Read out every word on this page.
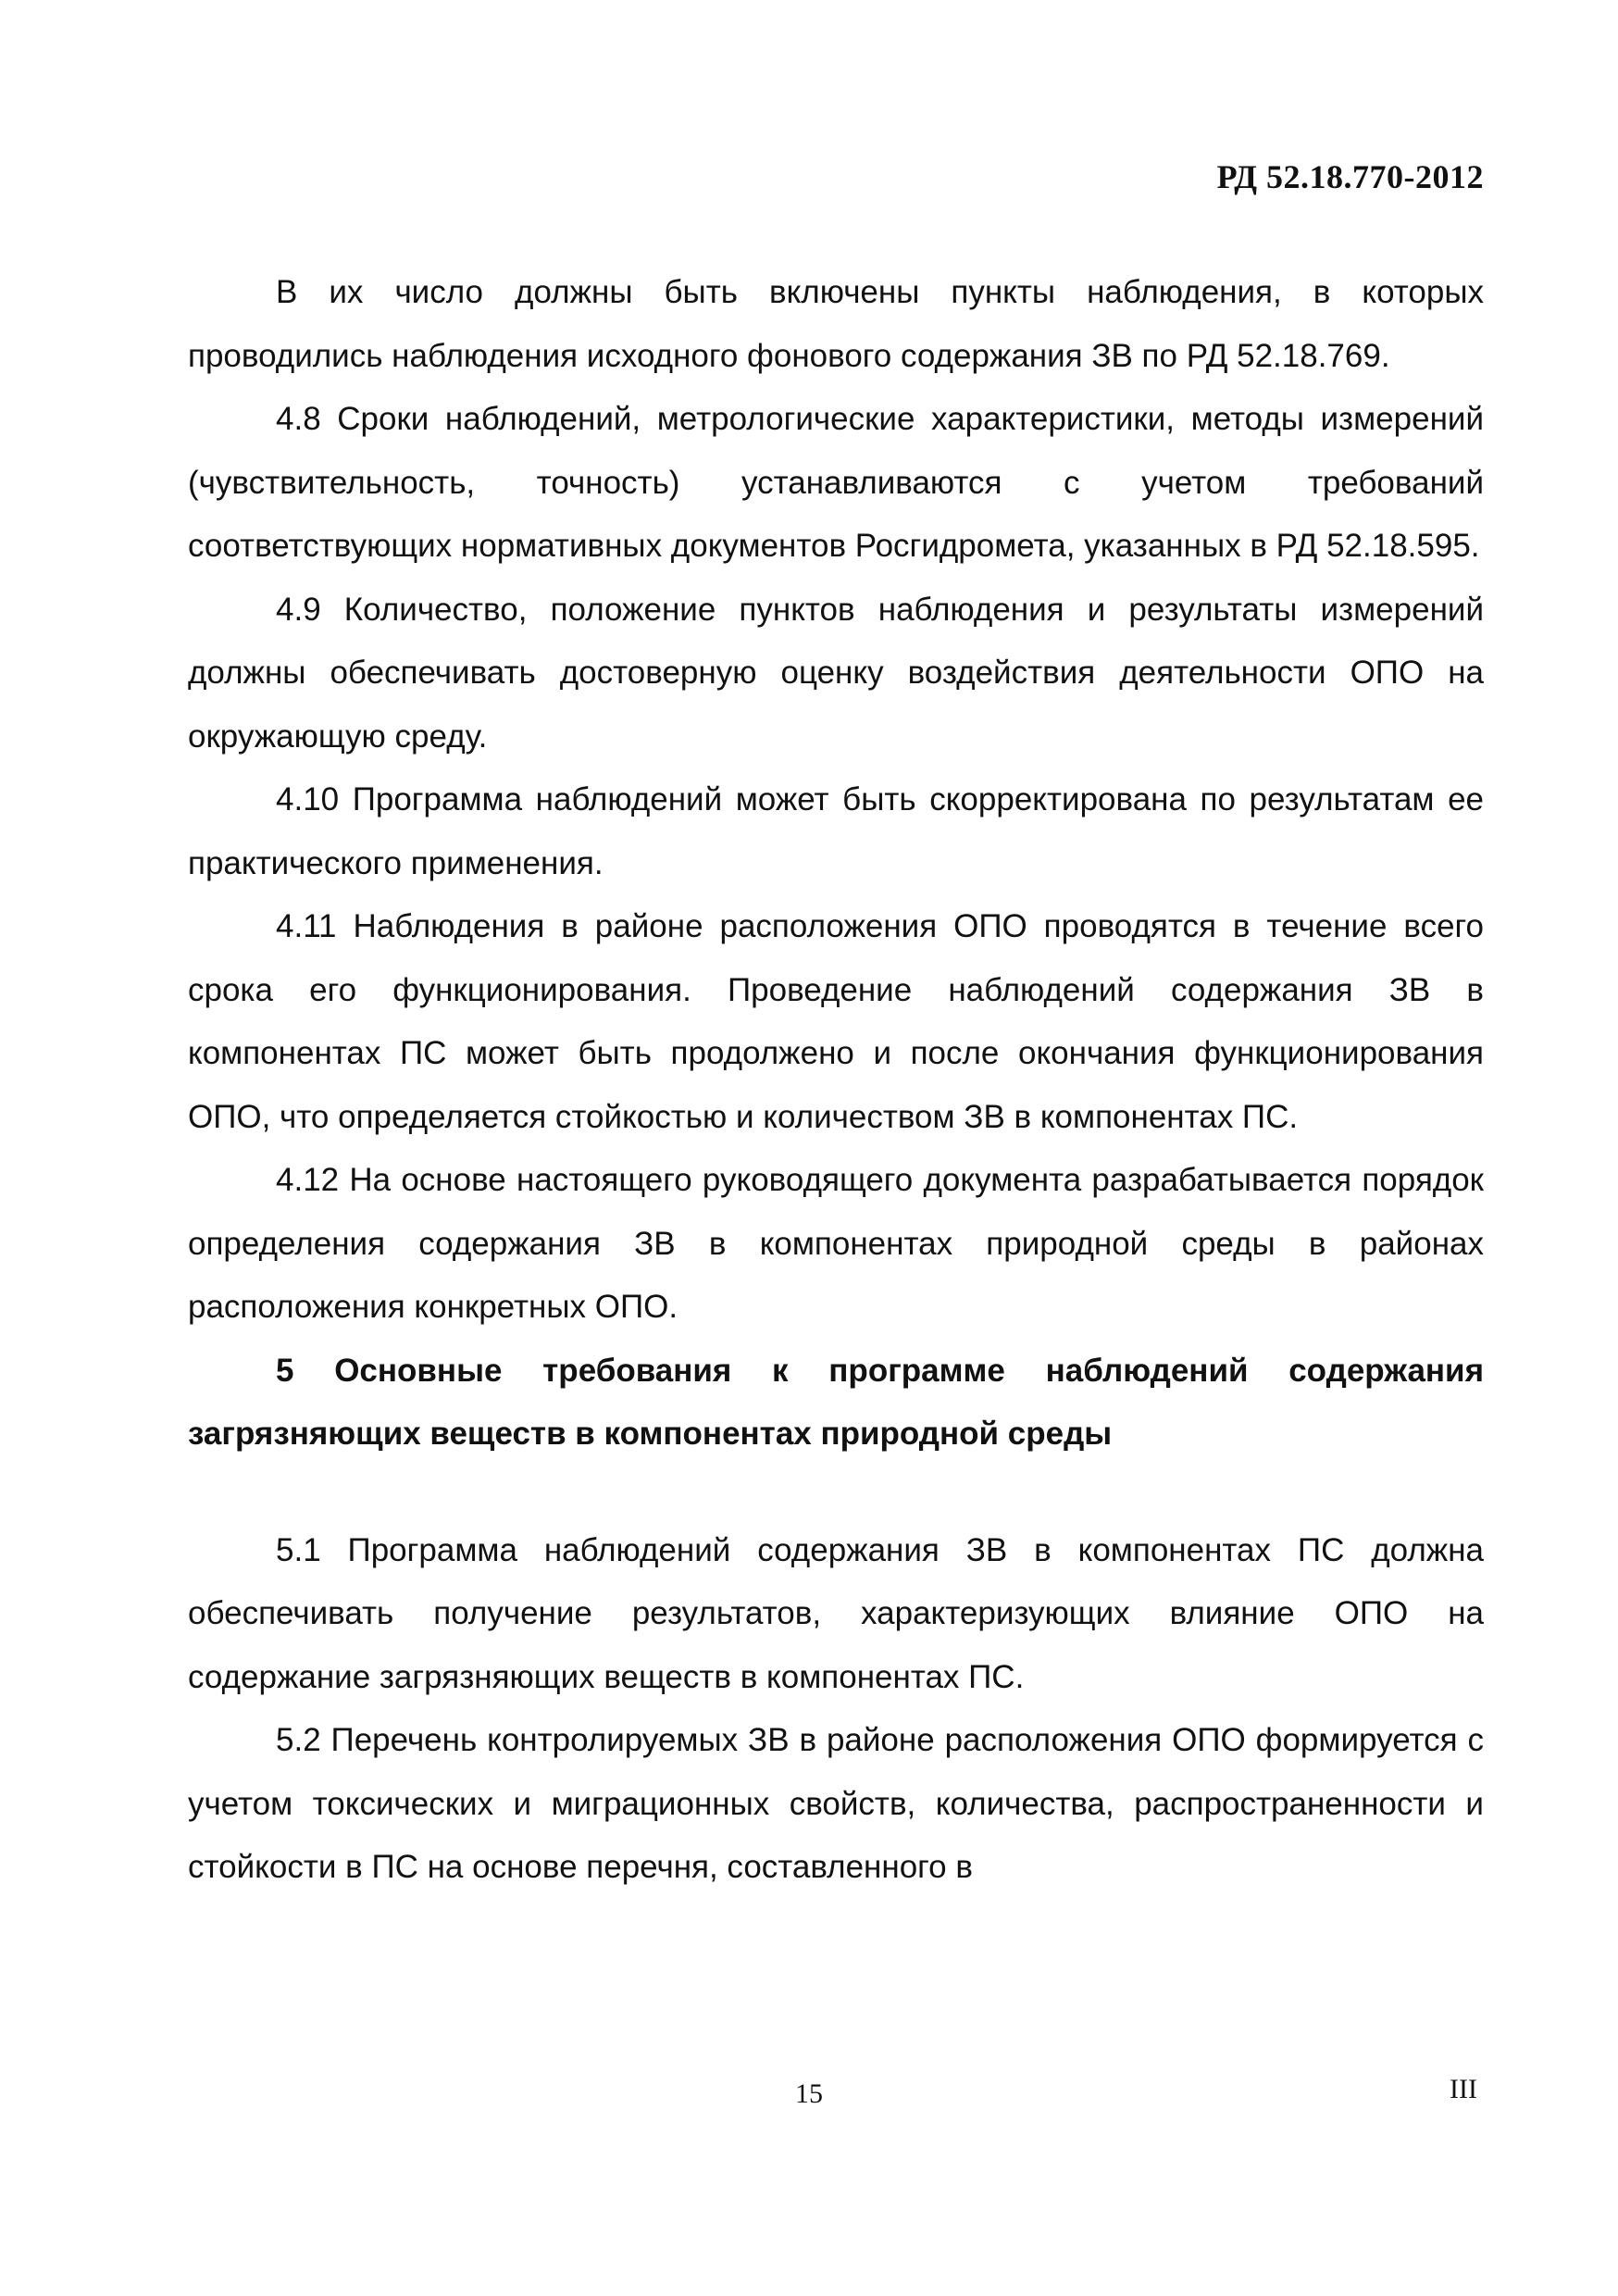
РД 52.18.770-2012

В их число должны быть включены пункты наблюдения, в которых проводились наблюдения исходного фонового содержания ЗВ по РД 52.18.769.

4.8 Сроки наблюдений, метрологические характеристики, методы измерений (чувствительность, точность) устанавливаются с учетом требований соответствующих нормативных документов Росгидромета, указанных в РД 52.18.595.

4.9 Количество, положение пунктов наблюдения и результаты измерений должны обеспечивать достоверную оценку воздействия деятельности ОПО на окружающую среду.

4.10 Программа наблюдений может быть скорректирована по результатам ее практического применения.

4.11 Наблюдения в районе расположения ОПО проводятся в течение всего срока его функционирования. Проведение наблюдений содержания ЗВ в компонентах ПС может быть продолжено и после окончания функционирования ОПО, что определяется стойкостью и количеством ЗВ в компонентах ПС.

4.12 На основе настоящего руководящего документа разрабатывается порядок определения содержания ЗВ в компонентах природной среды в районах расположения конкретных ОПО.

5 Основные требования к программе наблюдений содержания загрязняющих веществ в компонентах природной среды

5.1 Программа наблюдений содержания ЗВ в компонентах ПС должна обеспечивать получение результатов, характеризующих влияние ОПО на содержание загрязняющих веществ в компонентах ПС.

5.2 Перечень контролируемых ЗВ в районе расположения ОПО формируется с учетом токсических и миграционных свойств, количества, распространенности и стойкости в ПС на основе перечня, составленного в

15	III
